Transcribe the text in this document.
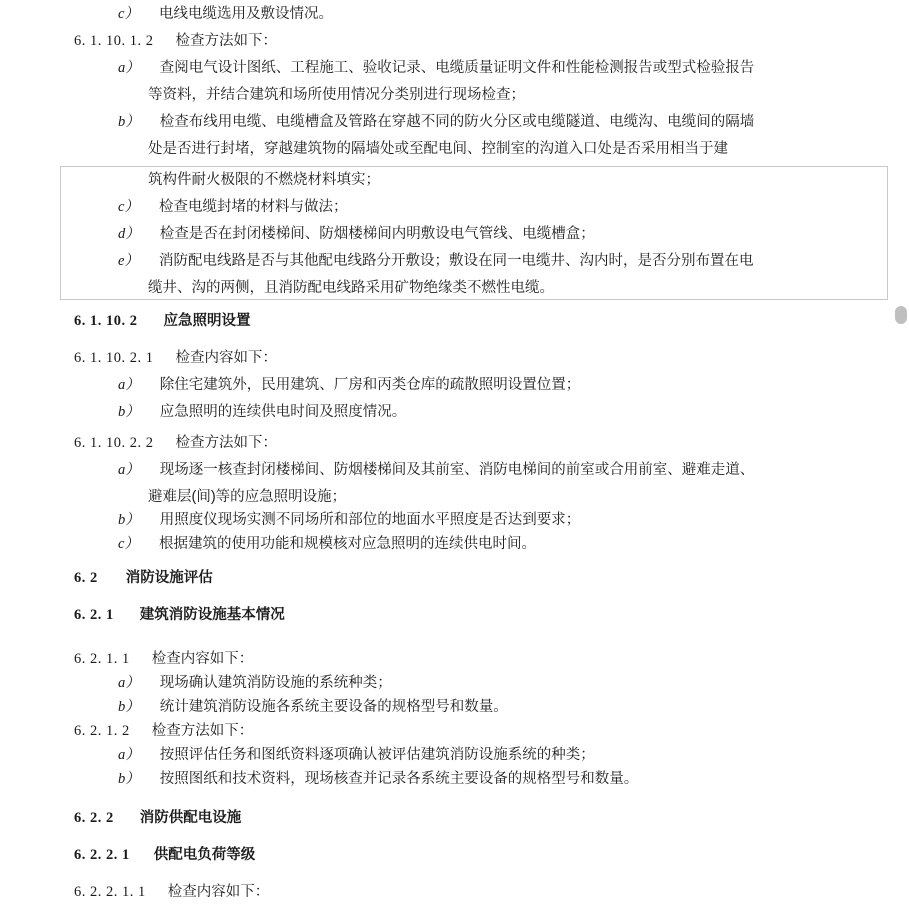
c） 电线电缆选用及敷设情况。
6. 1. 10. 1. 2 检查方法如下：
a） 查阅电气设计图纸、工程施工、验收记录、电缆质量证明文件和性能检测报告或型式检验报告
等资料，并结合建筑和场所使用情况分类别进行现场检查；
b） 检查布线用电缆、电缆槽盒及管路在穿越不同的防火分区或电缆隧道、电缆沟、电缆间的隔墙
处是否进行封堵，穿越建筑物的隔墙处或至配电间、控制室的沟道入口处是否采用相当于建
筑构件耐火极限的不燃烧材料填实；
c） 检查电缆封堵的材料与做法；
d） 检查是否在封闭楼梯间、防烟楼梯间内明敷设电气管线、电缆槽盒；
e） 消防配电线路是否与其他配电线路分开敷设；敷设在同一电缆井、沟内时，是否分别布置在电
缆井、沟的两侧，且消防配电线路采用矿物绝缘类不燃性电缆。
6. 1. 10. 2 应急照明设置
6. 1. 10. 2. 1 检查内容如下：
a） 除住宅建筑外，民用建筑、厂房和丙类仓库的疏散照明设置位置；
b） 应急照明的连续供电时间及照度情况。
6. 1. 10. 2. 2 检查方法如下：
a） 现场逐一核查封闭楼梯间、防烟楼梯间及其前室、消防电梯间的前室或合用前室、避难走道、
避难层(间)等的应急照明设施；
b） 用照度仪现场实测不同场所和部位的地面水平照度是否达到要求；
c） 根据建筑的使用功能和规模核对应急照明的连续供电时间。
6. 2 消防设施评估
6. 2. 1 建筑消防设施基本情况
6. 2. 1. 1 检查内容如下：
a） 现场确认建筑消防设施的系统种类；
b） 统计建筑消防设施各系统主要设备的规格型号和数量。
6. 2. 1. 2 检查方法如下：
a） 按照评估任务和图纸资料逐项确认被评估建筑消防设施系统的种类；
b） 按照图纸和技术资料，现场核查并记录各系统主要设备的规格型号和数量。
6. 2. 2 消防供配电设施
6. 2. 2. 1 供配电负荷等级
6. 2. 2. 1. 1 检查内容如下：
